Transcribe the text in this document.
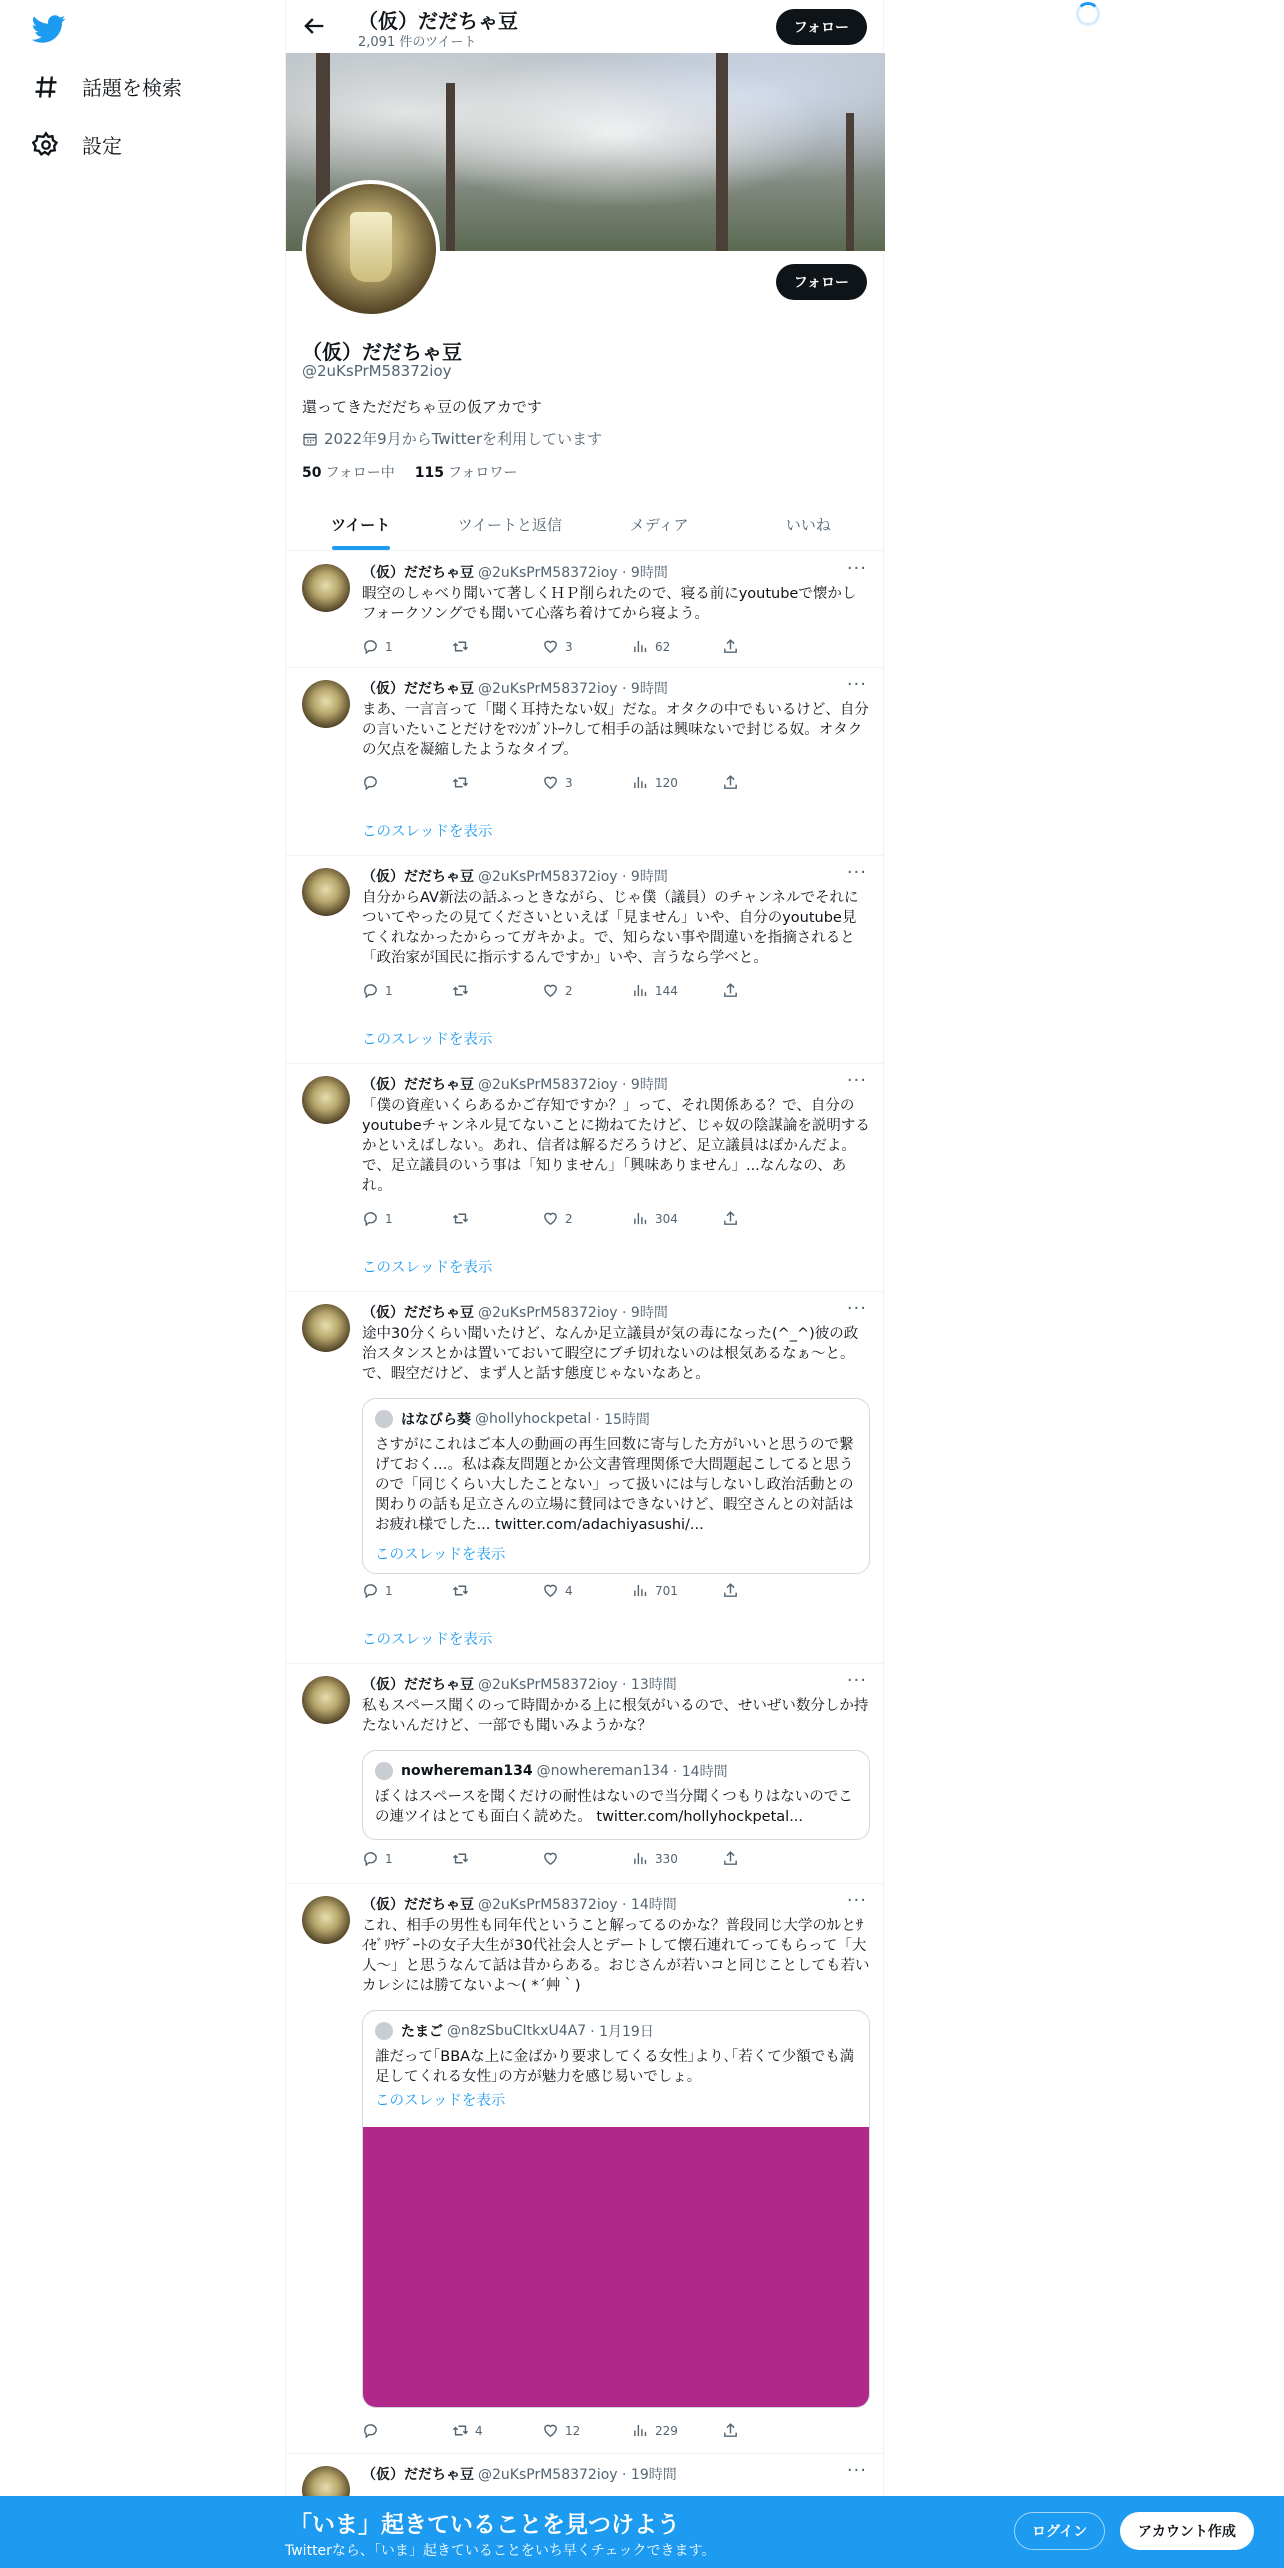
話題を検索
設定
（仮）だだちゃ豆
2,091 件のツイート
フォロー
フォロー
（仮）だだちゃ豆
@2uKsPrM58372ioy
還ってきただだちゃ豆の仮アカです
2022年9月からTwitterを利用しています
50 フォロー中 115 フォロワー
ツイート	ツイートと返信	メディア	いいね
（仮）だだちゃ豆 @2uKsPrM58372ioy · 9時間	···
暇空のしゃべり聞いて著しくＨＰ削られたので、寝る前にyoutubeで懐かしフォークソングでも聞いて心落ち着けてから寝よう。
1	3	62
（仮）だだちゃ豆 @2uKsPrM58372ioy · 9時間	···
まあ、一言言って「聞く耳持たない奴」だな。オタクの中でもいるけど、自分の言いたいことだけをﾏｼﾝｶﾞﾝﾄｰｸして相手の話は興味ないで封じる奴。オタクの欠点を凝縮したようなタイプ。
3	120
このスレッドを表示
（仮）だだちゃ豆 @2uKsPrM58372ioy · 9時間	···
自分からAV新法の話ふっときながら、じゃ僕（議員）のチャンネルでそれについてやったの見てくださいといえば「見ません」いや、自分のyoutube見てくれなかったからってガキかよ。で、知らない事や間違いを指摘されると「政治家が国民に指示するんですか」いや、言うなら学べと。
1	2	144
このスレッドを表示
（仮）だだちゃ豆 @2uKsPrM58372ioy · 9時間	···
「僕の資産いくらあるかご存知ですか？」って、それ関係ある？で、自分のyoutubeチャンネル見てないことに拗ねてたけど、じゃ奴の陰謀論を説明するかといえばしない。あれ、信者は解るだろうけど、足立議員はぽかんだよ。で、足立議員のいう事は「知りません」「興味ありません」...なんなの、あれ。
1	2	304
このスレッドを表示
（仮）だだちゃ豆 @2uKsPrM58372ioy · 9時間	···
途中30分くらい聞いたけど、なんか足立議員が気の毒になった(^_^)彼の政治スタンスとかは置いておいて暇空にブチ切れないのは根気あるなぁ～と。で、暇空だけど、まず人と話す態度じゃないなあと。
はなびら葵 @hollyhockpetal · 15時間
さすがにこれはご本人の動画の再生回数に寄与した方がいいと思うので繋げておく…。私は森友問題とか公文書管理関係で大問題起こしてると思うので「同じくらい大したことない」って扱いには与しないし政治活動との関わりの話も足立さんの立場に賛同はできないけど、暇空さんとの対話はお疲れ様でした... twitter.com/adachiyasushi/...
このスレッドを表示
1	4	701
このスレッドを表示
（仮）だだちゃ豆 @2uKsPrM58372ioy · 13時間	···
私もスペース聞くのって時間かかる上に根気がいるので、せいぜい数分しか持たないんだけど、一部でも聞いみようかな？
nowhereman134 @nowhereman134 · 14時間
ぼくはスペースを聞くだけの耐性はないので当分聞くつもりはないのでこの連ツイはとても面白く読めた。 twitter.com/hollyhockpetal...
1	330
（仮）だだちゃ豆 @2uKsPrM58372ioy · 14時間	···
これ、相手の男性も同年代ということ解ってるのかな？普段同じ大学のｶﾚとｻｲｾﾞﾘﾔﾃﾞｰﾄの女子大生が30代社会人とデートして懐石連れてってもらって「大人～」と思うなんて話は昔からある。おじさんが若いコと同じことしても若いカレシには勝てないよ～( *´艸｀)
たまご @n8zSbuCItkxU4A7 · 1月19日
誰だって｢BBAな上に金ばかり要求してくる女性｣より､｢若くて少額でも満足してくれる女性｣の方が魅力を感じ易いでしょ。
このスレッドを表示
4	12	229
（仮）だだちゃ豆 @2uKsPrM58372ioy · 19時間	···
「いま」起きていることを見つけよう
Twitterなら、「いま」起きていることをいち早くチェックできます。
ログイン	アカウント作成
